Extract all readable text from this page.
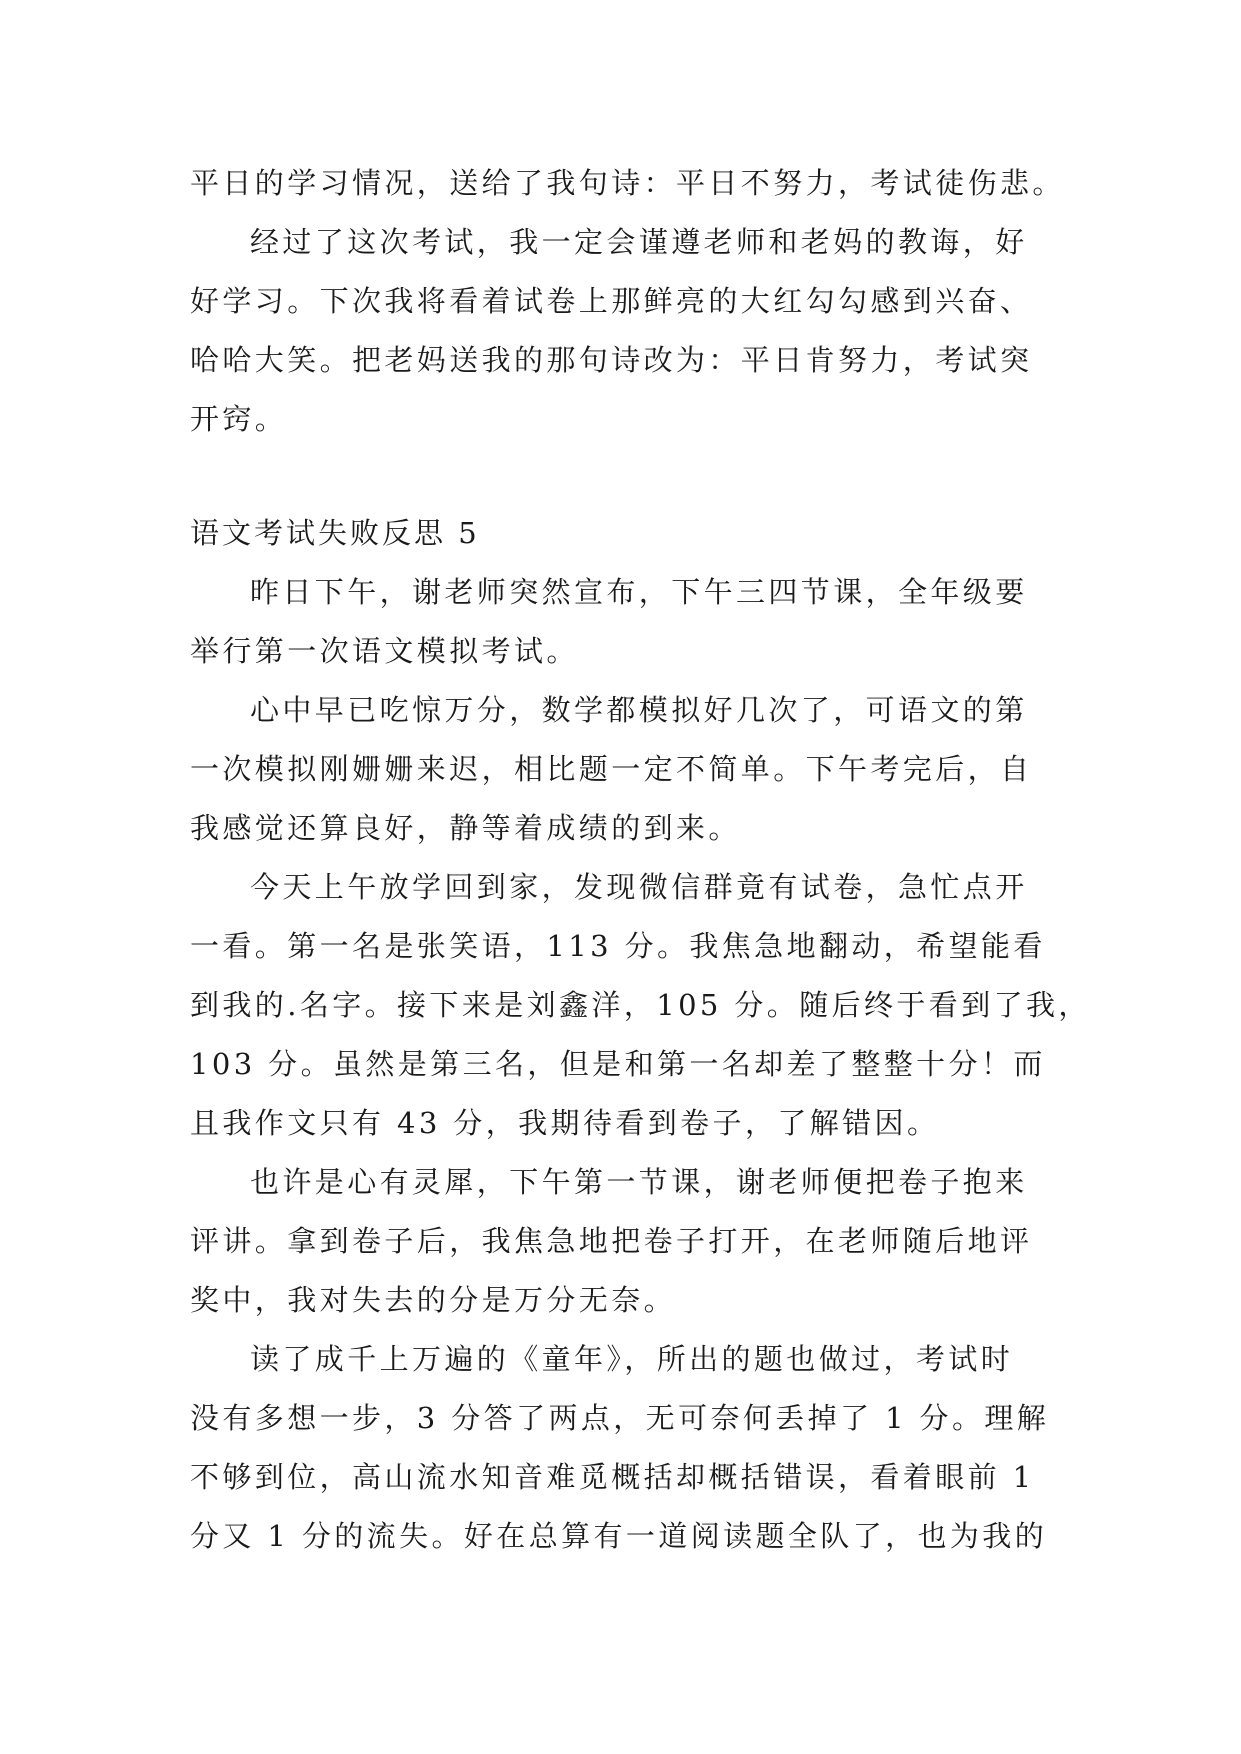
平日的学习情况，送给了我句诗：平日不努力，考试徒伤悲。
经过了这次考试，我一定会谨遵老师和老妈的教诲，好
好学习。下次我将看着试卷上那鲜亮的大红勾勾感到兴奋、
哈哈大笑。把老妈送我的那句诗改为：平日肯努力，考试突
开窍。
语文考试失败反思 5
昨日下午，谢老师突然宣布，下午三四节课，全年级要
举行第一次语文模拟考试。
心中早已吃惊万分，数学都模拟好几次了，可语文的第
一次模拟刚姗姗来迟，相比题一定不简单。下午考完后，自
我感觉还算良好，静等着成绩的到来。
今天上午放学回到家，发现微信群竟有试卷，急忙点开
一看。第一名是张笑语，113 分。我焦急地翻动，希望能看
到我的.名字。接下来是刘鑫洋，105 分。随后终于看到了我，
103 分。虽然是第三名，但是和第一名却差了整整十分！而
且我作文只有 43 分，我期待看到卷子，了解错因。
也许是心有灵犀，下午第一节课，谢老师便把卷子抱来
评讲。拿到卷子后，我焦急地把卷子打开，在老师随后地评
奖中，我对失去的分是万分无奈。
读了成千上万遍的《童年》，所出的题也做过，考试时
没有多想一步，3 分答了两点，无可奈何丢掉了 1 分。理解
不够到位，高山流水知音难觅概括却概括错误，看着眼前 1
分又 1 分的流失。好在总算有一道阅读题全队了，也为我的
